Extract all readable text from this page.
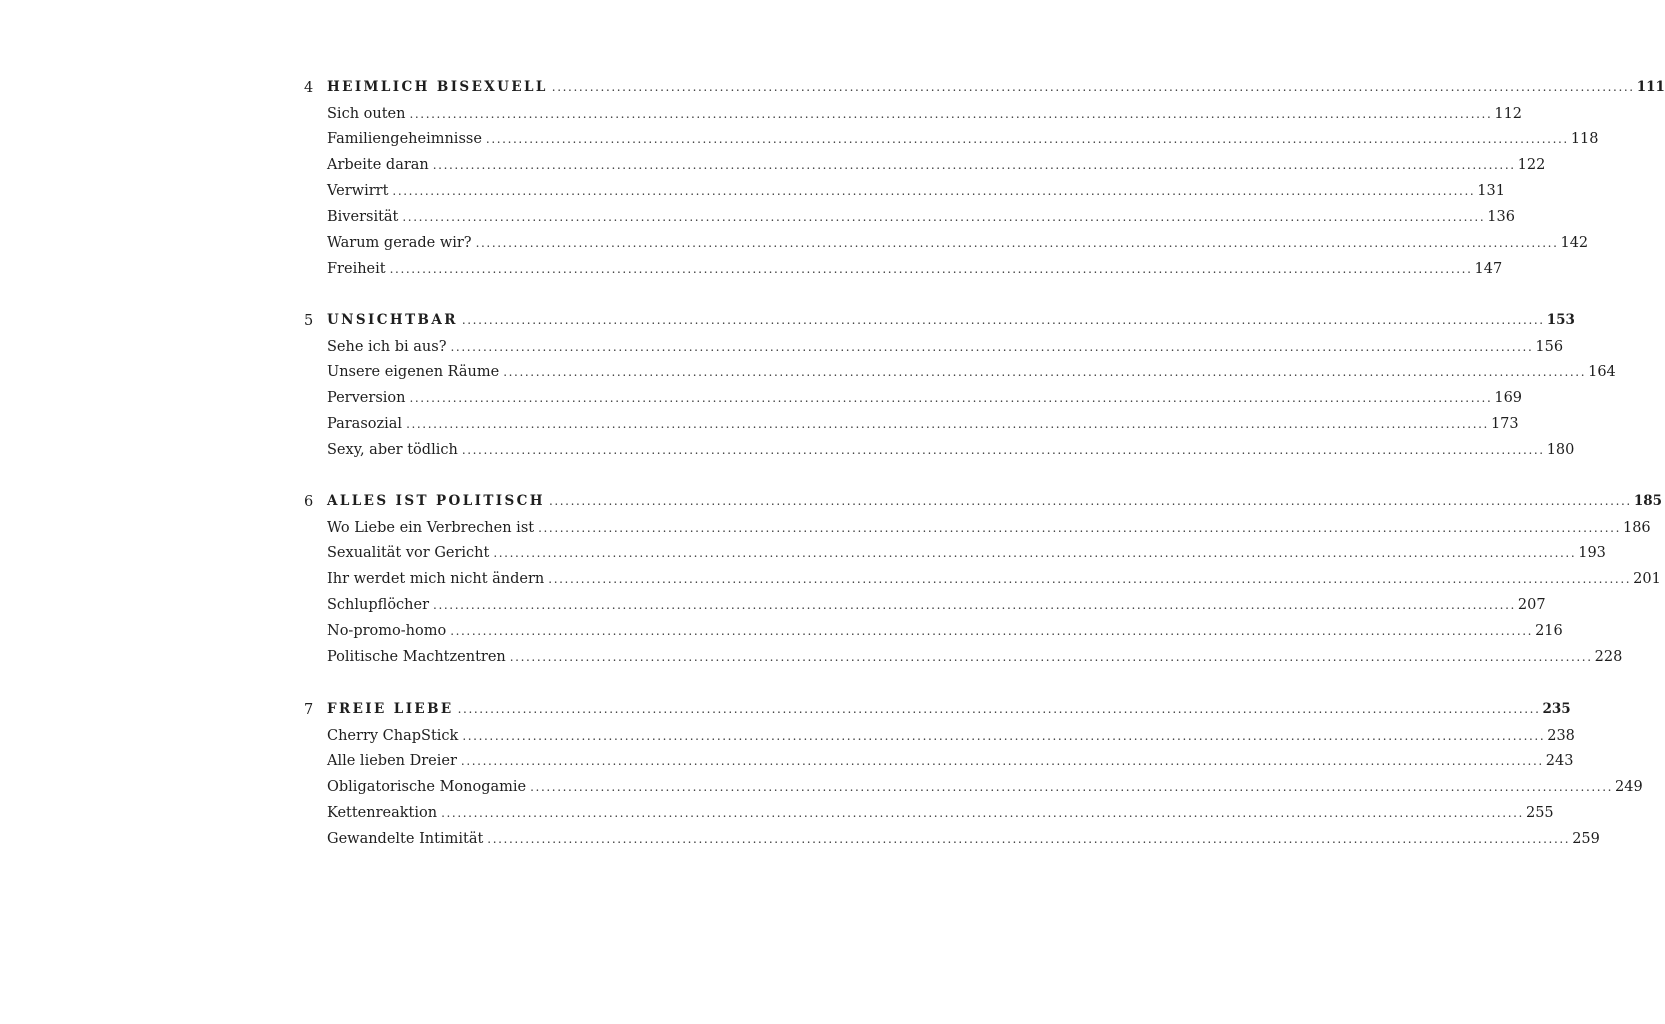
4 HEIMLICH BISEXUELL ........................................................................................................................................................................................................ 111
Sich outen ........................................................................................................................................................................................................ 112
Familiengeheimnisse ........................................................................................................................................................................................................ 118
Arbeite daran ........................................................................................................................................................................................................ 122
Verwirrt ........................................................................................................................................................................................................ 131
Biversität ........................................................................................................................................................................................................ 136
Warum gerade wir? ........................................................................................................................................................................................................ 142
Freiheit ........................................................................................................................................................................................................ 147
5 UNSICHTBAR ........................................................................................................................................................................................................ 153
Sehe ich bi aus? ........................................................................................................................................................................................................ 156
Unsere eigenen Räume ........................................................................................................................................................................................................ 164
Perversion ........................................................................................................................................................................................................ 169
Parasozial ........................................................................................................................................................................................................ 173
Sexy, aber tödlich ........................................................................................................................................................................................................ 180
6 ALLES IST POLITISCH ........................................................................................................................................................................................................ 185
Wo Liebe ein Verbrechen ist ........................................................................................................................................................................................................ 186
Sexualität vor Gericht ........................................................................................................................................................................................................ 193
Ihr werdet mich nicht ändern ........................................................................................................................................................................................................ 201
Schlupflöcher ........................................................................................................................................................................................................ 207
No-promo-homo ........................................................................................................................................................................................................ 216
Politische Machtzentren ........................................................................................................................................................................................................ 228
7 FREIE LIEBE ........................................................................................................................................................................................................ 235
Cherry ChapStick ........................................................................................................................................................................................................ 238
Alle lieben Dreier ........................................................................................................................................................................................................ 243
Obligatorische Monogamie ........................................................................................................................................................................................................ 249
Kettenreaktion ........................................................................................................................................................................................................ 255
Gewandelte Intimität ........................................................................................................................................................................................................ 259
